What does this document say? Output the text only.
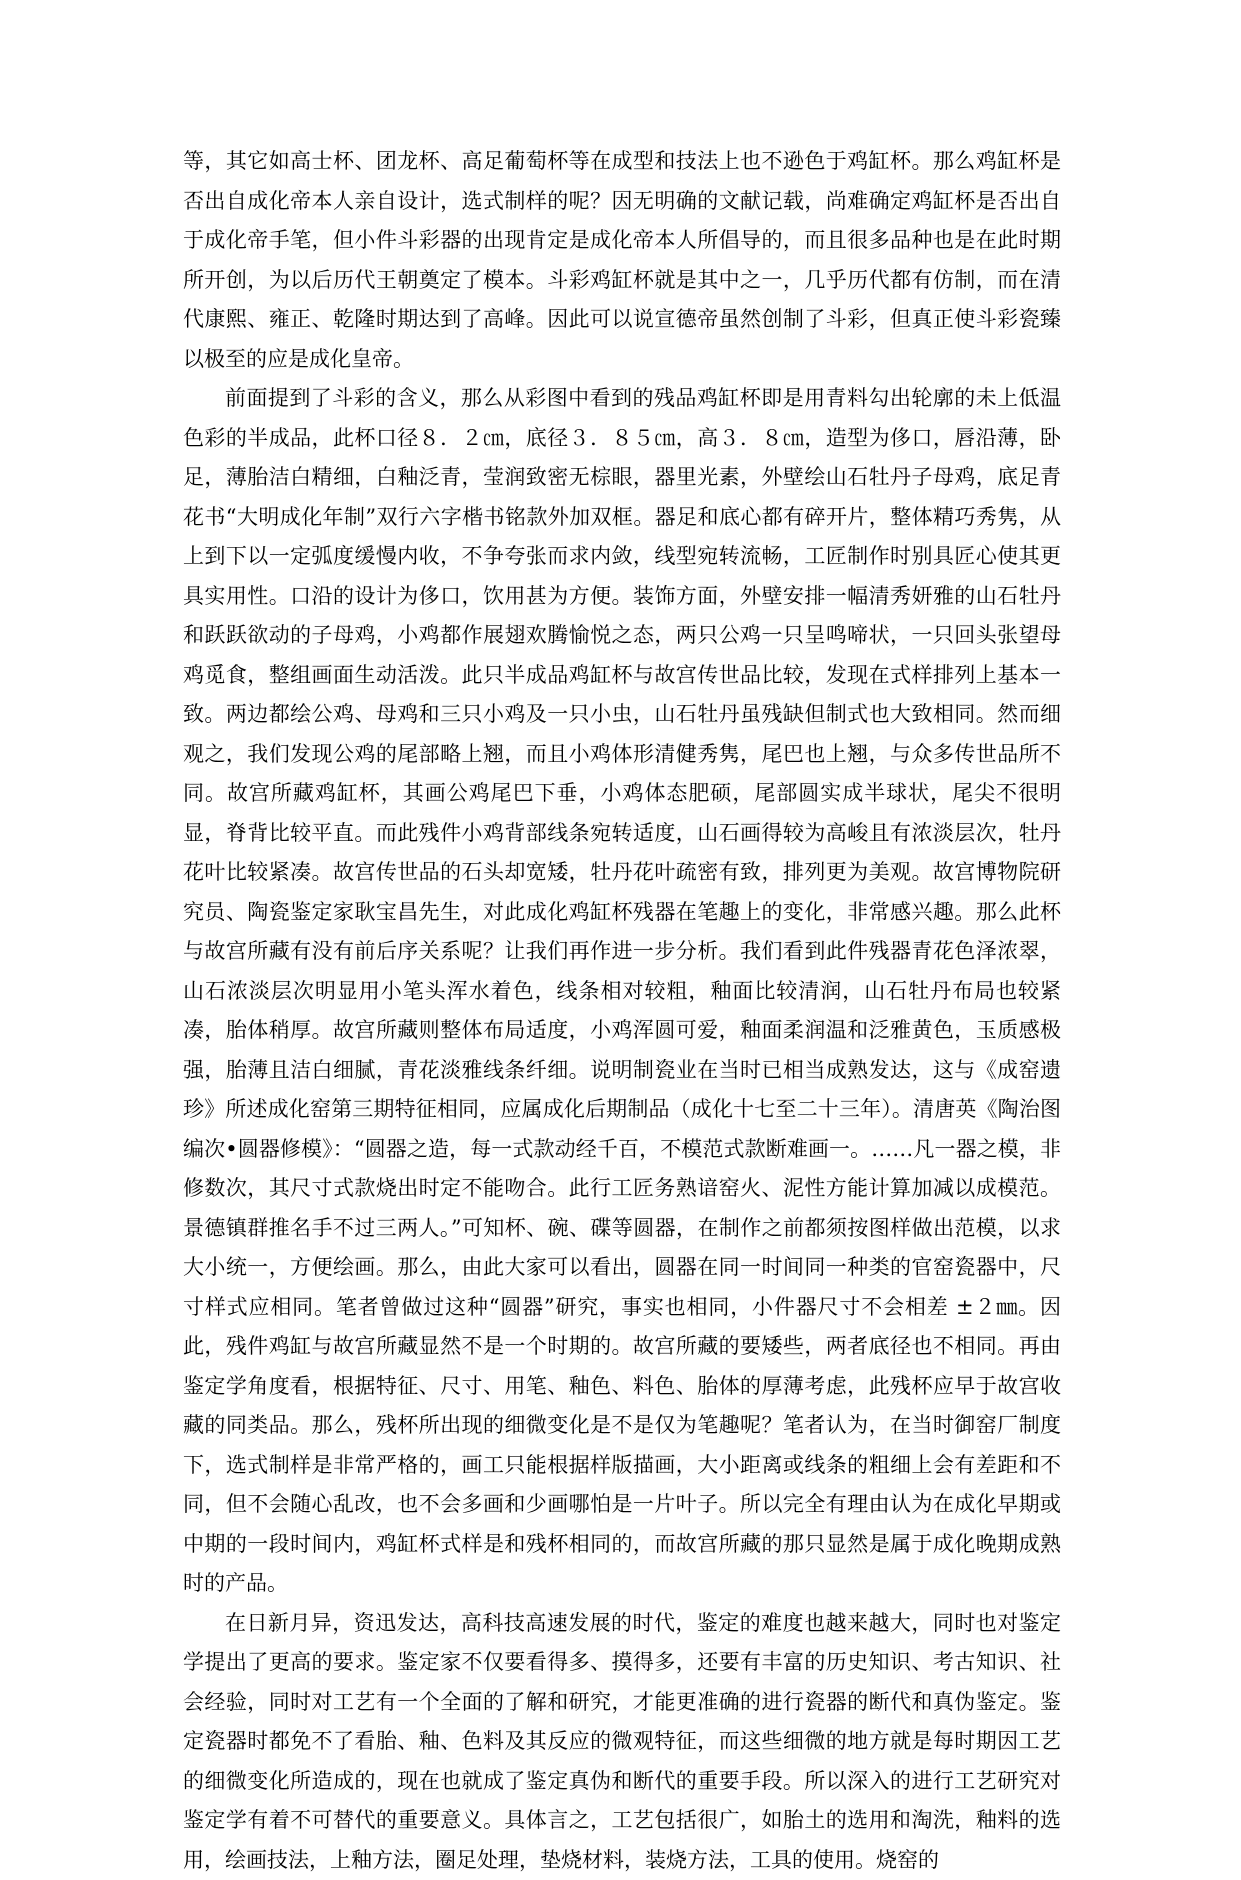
等，其它如高士杯、团龙杯、高足葡萄杯等在成型和技法上也不逊色于鸡缸杯。那么鸡缸杯是否出自成化帝本人亲自设计，选式制样的呢？因无明确的文献记载，尚难确定鸡缸杯是否出自于成化帝手笔，但小件斗彩器的出现肯定是成化帝本人所倡导的，而且很多品种也是在此时期所开创，为以后历代王朝奠定了模本。斗彩鸡缸杯就是其中之一，几乎历代都有仿制，而在清代康熙、雍正、乾隆时期达到了高峰。因此可以说宣德帝虽然创制了斗彩，但真正使斗彩瓷臻以极至的应是成化皇帝。

前面提到了斗彩的含义，那么从彩图中看到的残品鸡缸杯即是用青料勾出轮廓的未上低温色彩的半成品，此杯口径８．２㎝，底径３．８５㎝，高３．８㎝，造型为侈口，唇沿薄，卧足，薄胎洁白精细，白釉泛青，莹润致密无棕眼，器里光素，外壁绘山石牡丹子母鸡，底足青花书“大明成化年制”双行六字楷书铭款外加双框。器足和底心都有碎开片，整体精巧秀隽，从上到下以一定弧度缓慢内收，不争夸张而求内敛，线型宛转流畅，工匠制作时别具匠心使其更具实用性。口沿的设计为侈口，饮用甚为方便。装饰方面，外壁安排一幅清秀妍雅的山石牡丹和跃跃欲动的子母鸡，小鸡都作展翅欢腾愉悦之态，两只公鸡一只呈鸣啼状，一只回头张望母鸡觅食，整组画面生动活泼。此只半成品鸡缸杯与故宫传世品比较，发现在式样排列上基本一致。两边都绘公鸡、母鸡和三只小鸡及一只小虫，山石牡丹虽残缺但制式也大致相同。然而细观之，我们发现公鸡的尾部略上翘，而且小鸡体形清健秀隽，尾巴也上翘，与众多传世品所不同。故宫所藏鸡缸杯，其画公鸡尾巴下垂，小鸡体态肥硕，尾部圆实成半球状，尾尖不很明显，脊背比较平直。而此残件小鸡背部线条宛转适度，山石画得较为高峻且有浓淡层次，牡丹花叶比较紧凑。故宫传世品的石头却宽矮，牡丹花叶疏密有致，排列更为美观。故宫博物院研究员、陶瓷鉴定家耿宝昌先生，对此成化鸡缸杯残器在笔趣上的变化，非常感兴趣。那么此杯与故宫所藏有没有前后序关系呢？让我们再作进一步分析。我们看到此件残器青花色泽浓翠，山石浓淡层次明显用小笔头浑水着色，线条相对较粗，釉面比较清润，山石牡丹布局也较紧凑，胎体稍厚。故宫所藏则整体布局适度，小鸡浑圆可爱，釉面柔润温和泛雅黄色，玉质感极强，胎薄且洁白细腻，青花淡雅线条纤细。说明制瓷业在当时已相当成熟发达，这与《成窑遗珍》所述成化窑第三期特征相同，应属成化后期制品（成化十七至二十三年）。清唐英《陶治图编次•圆器修模》：“圆器之造，每一式款动经千百，不模范式款断难画一。……凡一器之模，非修数次，其尺寸式款烧出时定不能吻合。此行工匠务熟谙窑火、泥性方能计算加减以成模范。景德镇群推名手不过三两人。”可知杯、碗、碟等圆器，在制作之前都须按图样做出范模，以求大小统一，方便绘画。那么，由此大家可以看出，圆器在同一时间同一种类的官窑瓷器中，尺寸样式应相同。笔者曾做过这种“圆器”研究，事实也相同，小件器尺寸不会相差 ±２㎜。因此，残件鸡缸与故宫所藏显然不是一个时期的。故宫所藏的要矮些，两者底径也不相同。再由鉴定学角度看，根据特征、尺寸、用笔、釉色、料色、胎体的厚薄考虑，此残杯应早于故宫收藏的同类品。那么，残杯所出现的细微变化是不是仅为笔趣呢？笔者认为，在当时御窑厂制度下，选式制样是非常严格的，画工只能根据样版描画，大小距离或线条的粗细上会有差距和不同，但不会随心乱改，也不会多画和少画哪怕是一片叶子。所以完全有理由认为在成化早期或中期的一段时间内，鸡缸杯式样是和残杯相同的，而故宫所藏的那只显然是属于成化晚期成熟时的产品。

在日新月异，资迅发达，高科技高速发展的时代，鉴定的难度也越来越大，同时也对鉴定学提出了更高的要求。鉴定家不仅要看得多、摸得多，还要有丰富的历史知识、考古知识、社会经验，同时对工艺有一个全面的了解和研究，才能更准确的进行瓷器的断代和真伪鉴定。鉴定瓷器时都免不了看胎、釉、色料及其反应的微观特征，而这些细微的地方就是每时期因工艺的细微变化所造成的，现在也就成了鉴定真伪和断代的重要手段。所以深入的进行工艺研究对鉴定学有着不可替代的重要意义。具体言之，工艺包括很广，如胎土的选用和淘洗，釉料的选用，绘画技法，上釉方法，圈足处理，垫烧材料，装烧方法，工具的使用。烧窑的
